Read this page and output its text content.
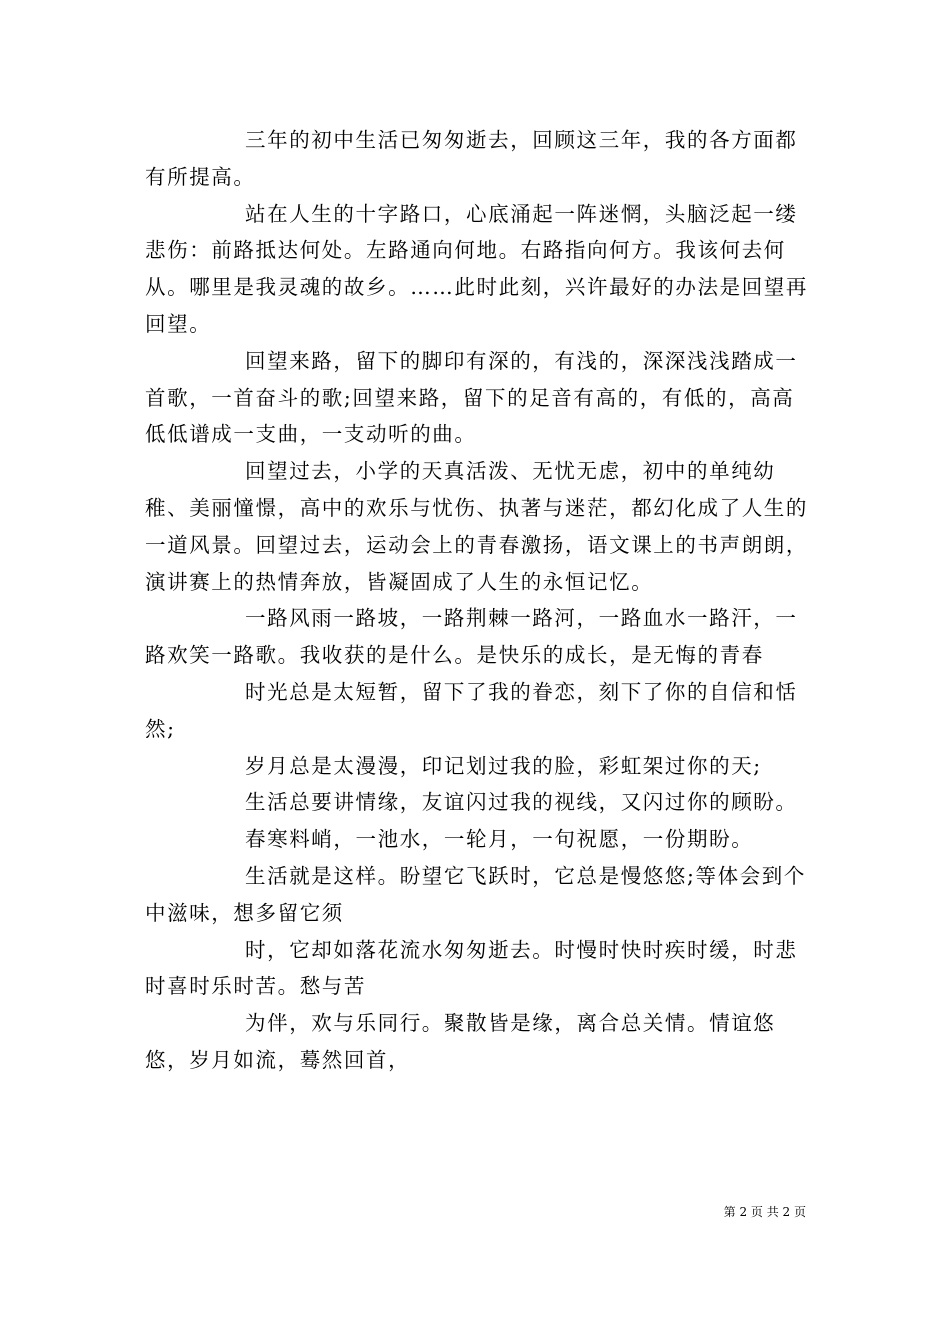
三年的初中生活已匆匆逝去，回顾这三年，我的各方面都有所提高。

站在人生的十字路口，心底涌起一阵迷惘，头脑泛起一缕悲伤：前路抵达何处。左路通向何地。右路指向何方。我该何去何从。哪里是我灵魂的故乡。……此时此刻，兴许最好的办法是回望再回望。

回望来路，留下的脚印有深的，有浅的，深深浅浅踏成一首歌，一首奋斗的歌;回望来路，留下的足音有高的，有低的，高高低低谱成一支曲，一支动听的曲。

回望过去，小学的天真活泼、无忧无虑，初中的单纯幼稚、美丽憧憬，高中的欢乐与忧伤、执著与迷茫，都幻化成了人生的一道风景。回望过去，运动会上的青春激扬，语文课上的书声朗朗，演讲赛上的热情奔放，皆凝固成了人生的永恒记忆。

一路风雨一路坡，一路荆棘一路河，一路血水一路汗，一路欢笑一路歌。我收获的是什么。是快乐的成长，是无悔的青春

时光总是太短暂，留下了我的眷恋，刻下了你的自信和恬然;

岁月总是太漫漫，印记划过我的脸，彩虹架过你的天;

生活总要讲情缘，友谊闪过我的视线，又闪过你的顾盼。

春寒料峭，一池水，一轮月，一句祝愿，一份期盼。

生活就是这样。盼望它飞跃时，它总是慢悠悠;等体会到个中滋味，想多留它须

时，它却如落花流水匆匆逝去。时慢时快时疾时缓，时悲时喜时乐时苦。愁与苦

为伴，欢与乐同行。聚散皆是缘，离合总关情。情谊悠悠，岁月如流，蓦然回首，

第 2 页 共 2 页
